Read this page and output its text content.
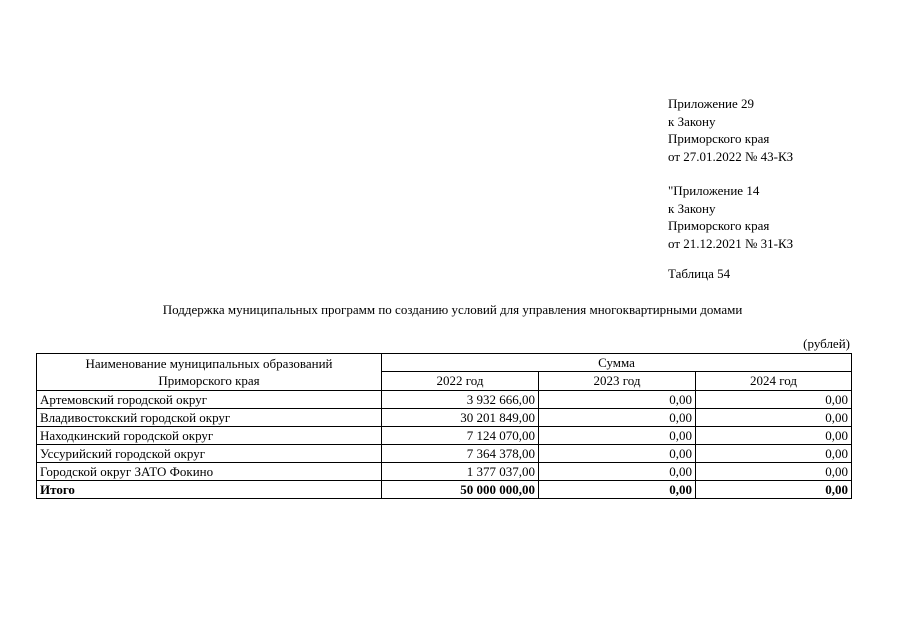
Приложение 29
к Закону
Приморского края
от 27.01.2022 № 43-КЗ
"Приложение 14
к Закону
Приморского края
от 21.12.2021 № 31-КЗ
Таблица 54
Поддержка муниципальных программ по созданию условий для управления многоквартирными домами
(рублей)
Наименование муниципальных образований
Приморского края	Сумма		
	2022 год	2023 год	2024 год
Артемовский городской округ	3 932 666,00	0,00	0,00
Владивостокский городской округ	30 201 849,00	0,00	0,00
Находкинский городской округ	7 124 070,00	0,00	0,00
Уссурийский городской округ	7 364 378,00	0,00	0,00
Городской округ ЗАТО Фокино	1 377 037,00	0,00	0,00
Итого	50 000 000,00	0,00	0,00
